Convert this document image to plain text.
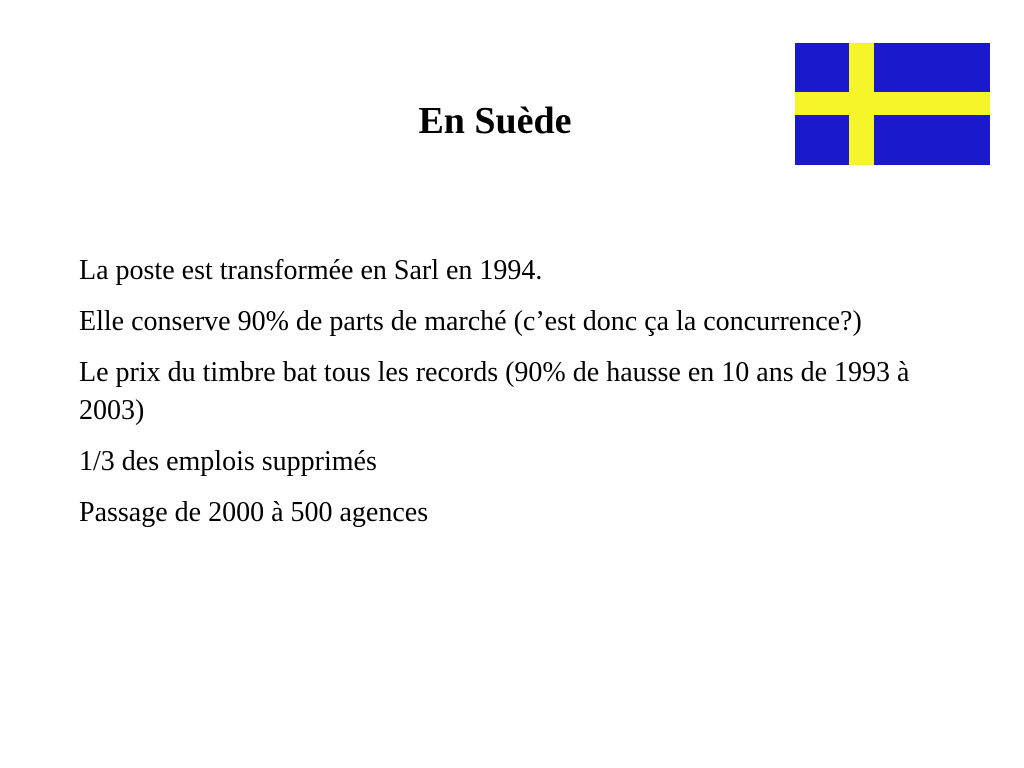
En Suède
La poste est transformée en Sarl en 1994.
Elle conserve 90% de parts de marché (c’est donc ça la concurrence?)
Le prix du timbre bat tous les records (90% de hausse en 10 ans de 1993 à 2003)
1/3 des emplois supprimés
Passage de 2000 à 500 agences
